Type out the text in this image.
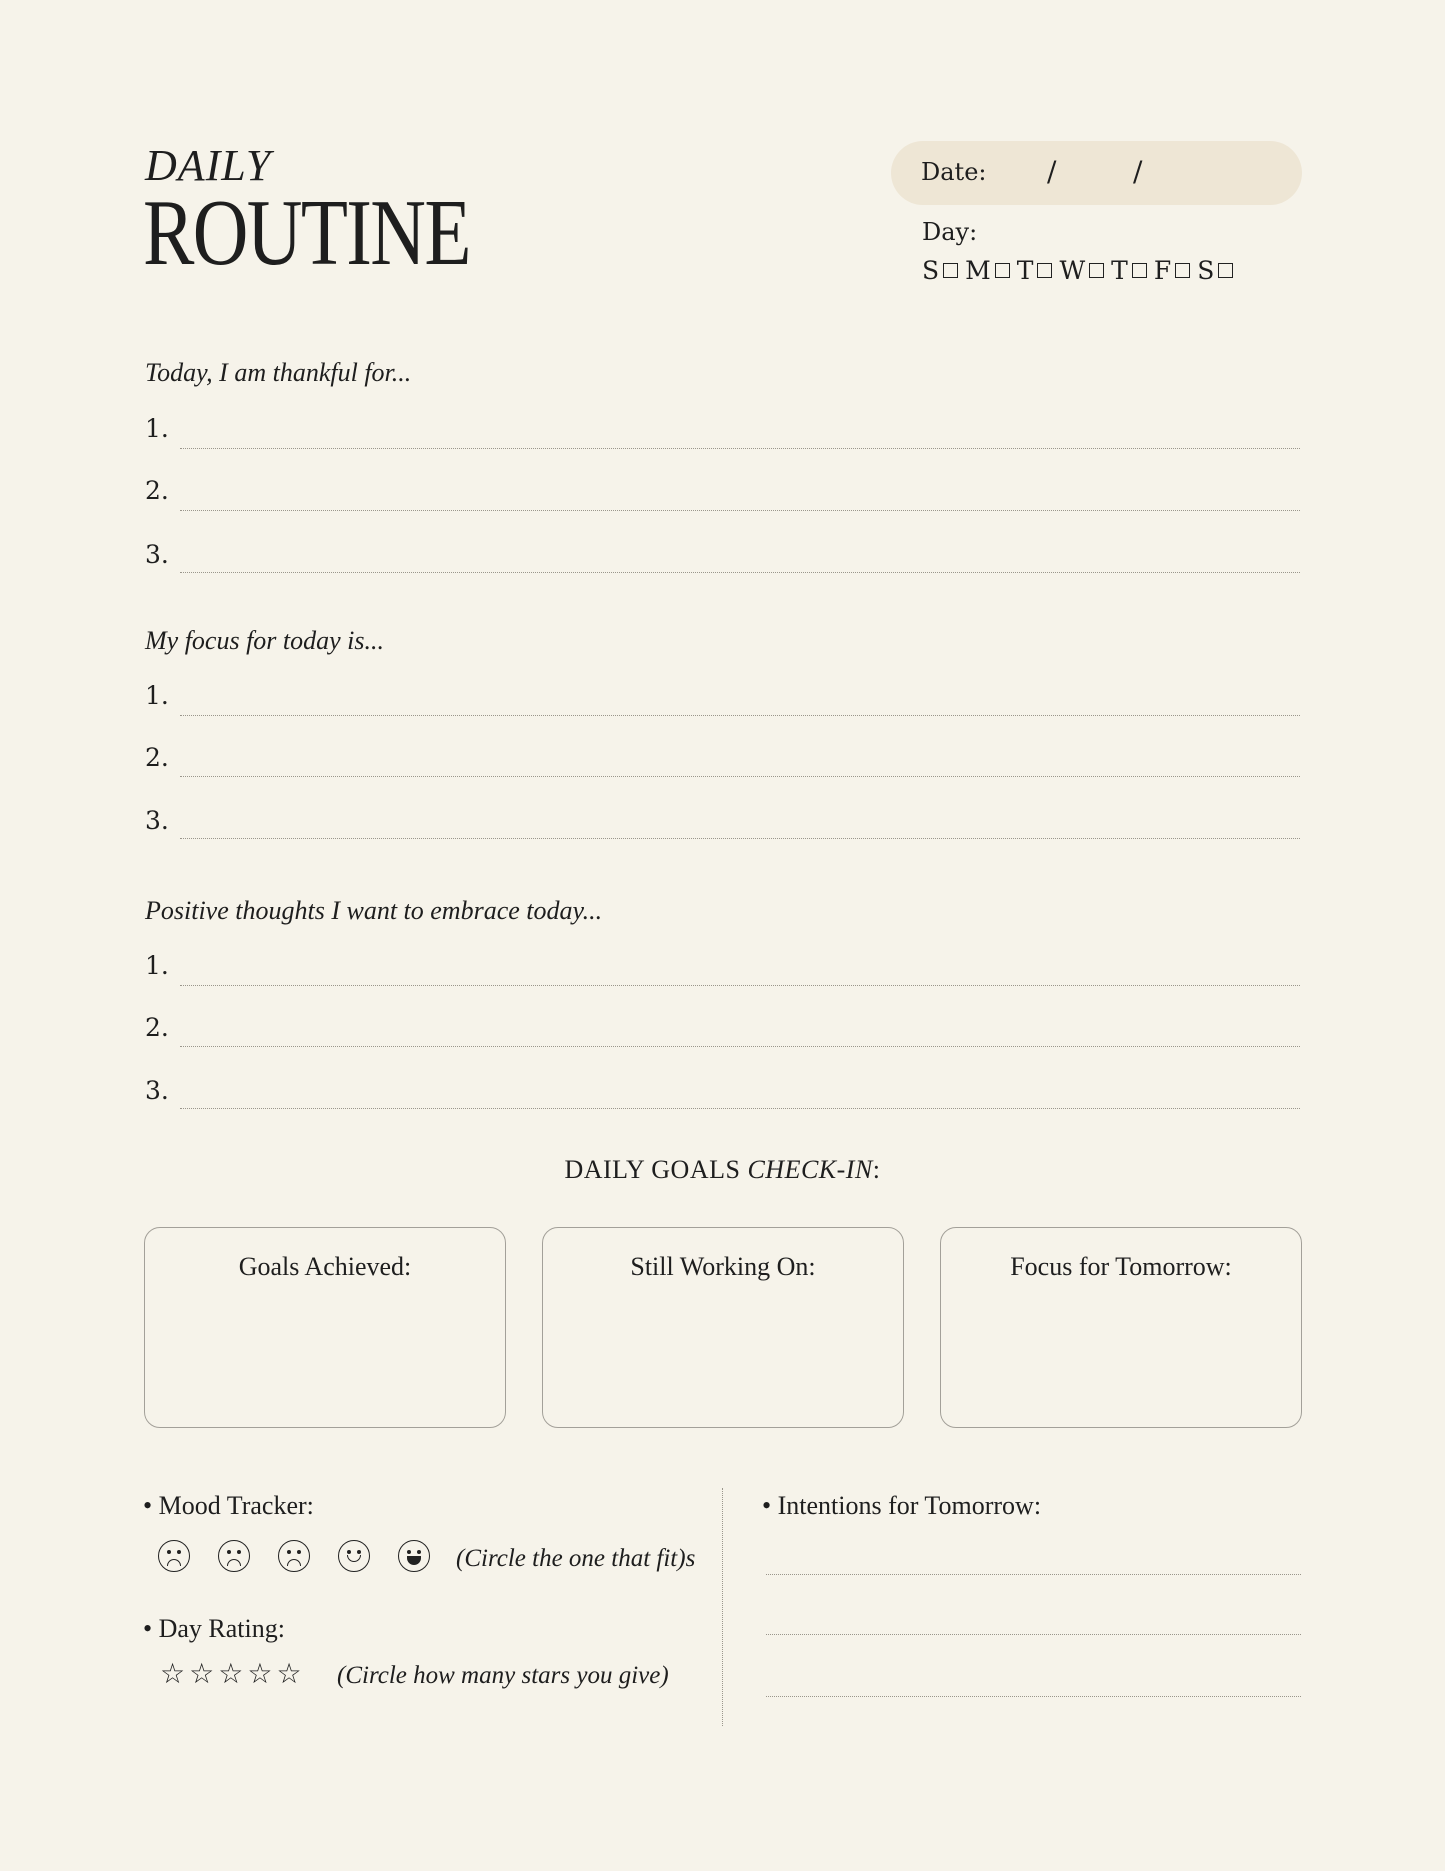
DAILY
ROUTINE
Date: /	/
Day:
S M T W T F S
Today, I am thankful for...
1.
2.
3.
My focus for today is...
1.
2.
3.
Positive thoughts I want to embrace today...
1.
2.
3.
DAILY GOALS CHECK-IN:
Goals Achieved:	Still Working On:	Focus for Tomorrow:
• Mood Tracker:
(Circle the one that fit)s
• Day Rating:
☆ ☆ ☆ ☆ ☆ (Circle how many stars you give)
• Intentions for Tomorrow:
